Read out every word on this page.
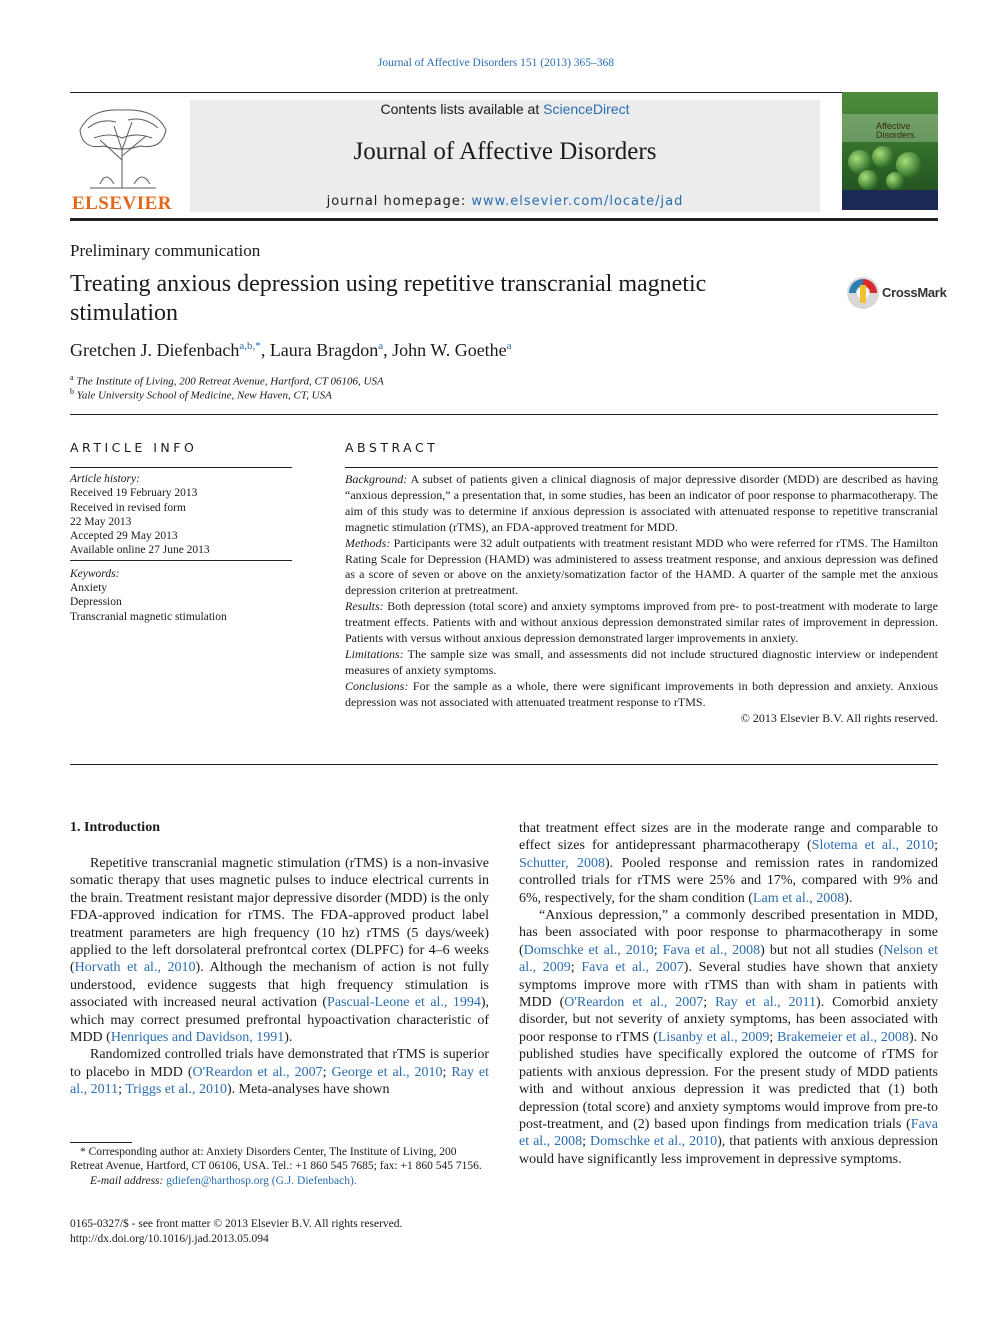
Journal of Affective Disorders 151 (2013) 365–368
ELSEVIER
Contents lists available at ScienceDirect
Journal of Affective Disorders
journal homepage: www.elsevier.com/locate/jad
Affective Disorders
Preliminary communication
Treating anxious depression using repetitive transcranial magnetic stimulation
CrossMark
Gretchen J. Diefenbach$^{a,b,*}$, Laura Bragdon$^a$, John W. Goethe$^a$
$^a$ The Institute of Living, 200 Retreat Avenue, Hartford, CT 06106, USA
$^b$ Yale University School of Medicine, New Haven, CT, USA
ARTICLE INFO	ABSTRACT
Article history:
Received 19 February 2013
Received in revised form
22 May 2013
Accepted 29 May 2013
Available online 27 June 2013
Keywords:
Anxiety
Depression
Transcranial magnetic stimulation
Background: A subset of patients given a clinical diagnosis of major depressive disorder (MDD) are described as having “anxious depression,” a presentation that, in some studies, has been an indicator of poor response to pharmacotherapy. The aim of this study was to determine if anxious depression is associated with attenuated response to repetitive transcranial magnetic stimulation (rTMS), an FDA-approved treatment for MDD.
Methods: Participants were 32 adult outpatients with treatment resistant MDD who were referred for rTMS. The Hamilton Rating Scale for Depression (HAMD) was administered to assess treatment response, and anxious depression was defined as a score of seven or above on the anxiety/somatization factor of the HAMD. A quarter of the sample met the anxious depression criterion at pretreatment.
Results: Both depression (total score) and anxiety symptoms improved from pre- to post-treatment with moderate to large treatment effects. Patients with and without anxious depression demonstrated similar rates of improvement in depression. Patients with versus without anxious depression demonstrated larger improvements in anxiety.
Limitations: The sample size was small, and assessments did not include structured diagnostic interview or independent measures of anxiety symptoms.
Conclusions: For the sample as a whole, there were significant improvements in both depression and anxiety. Anxious depression was not associated with attenuated treatment response to rTMS.
© 2013 Elsevier B.V. All rights reserved.
1. Introduction

Repetitive transcranial magnetic stimulation (rTMS) is a non-invasive somatic therapy that uses magnetic pulses to induce electrical currents in the brain. Treatment resistant major depressive disorder (MDD) is the only FDA-approved indication for rTMS. The FDA-approved product label treatment parameters are high frequency (10 hz) rTMS (5 days/week) applied to the left dorsolateral prefrontcal cortex (DLPFC) for 4–6 weeks (Horvath et al., 2010). Although the mechanism of action is not fully understood, evidence suggests that high frequency stimulation is associated with increased neural activation (Pascual-Leone et al., 1994), which may correct presumed prefrontal hypoactivation characteristic of MDD (Henriques and Davidson, 1991).

Randomized controlled trials have demonstrated that rTMS is superior to placebo in MDD (O'Reardon et al., 2007; George et al., 2010; Ray et al., 2011; Triggs et al., 2010). Meta-analyses have shown

that treatment effect sizes are in the moderate range and comparable to effect sizes for antidepressant pharmacotherapy (Slotema et al., 2010; Schutter, 2008). Pooled response and remission rates in randomized controlled trials for rTMS were 25% and 17%, compared with 9% and 6%, respectively, for the sham condition (Lam et al., 2008).

“Anxious depression,” a commonly described presentation in MDD, has been associated with poor response to pharmacotherapy in some (Domschke et al., 2010; Fava et al., 2008) but not all studies (Nelson et al., 2009; Fava et al., 2007). Several studies have shown that anxiety symptoms improve more with rTMS than with sham in patients with MDD (O'Reardon et al., 2007; Ray et al., 2011). Comorbid anxiety disorder, but not severity of anxiety symptoms, has been associated with poor response to rTMS (Lisanby et al., 2009; Brakemeier et al., 2008). No published studies have specifically explored the outcome of rTMS for patients with anxious depression. For the present study of MDD patients with and without anxious depression it was predicted that (1) both depression (total score) and anxiety symptoms would improve from pre-to post-treatment, and (2) based upon findings from medication trials (Fava et al., 2008; Domschke et al., 2010), that patients with anxious depression would have significantly less improvement in depressive symptoms.

* Corresponding author at: Anxiety Disorders Center, The Institute of Living, 200 Retreat Avenue, Hartford, CT 06106, USA. Tel.: +1 860 545 7685; fax: +1 860 545 7156.
E-mail address: gdiefen@harthosp.org (G.J. Diefenbach).
0165-0327/$ - see front matter © 2013 Elsevier B.V. All rights reserved.
http://dx.doi.org/10.1016/j.jad.2013.05.094
